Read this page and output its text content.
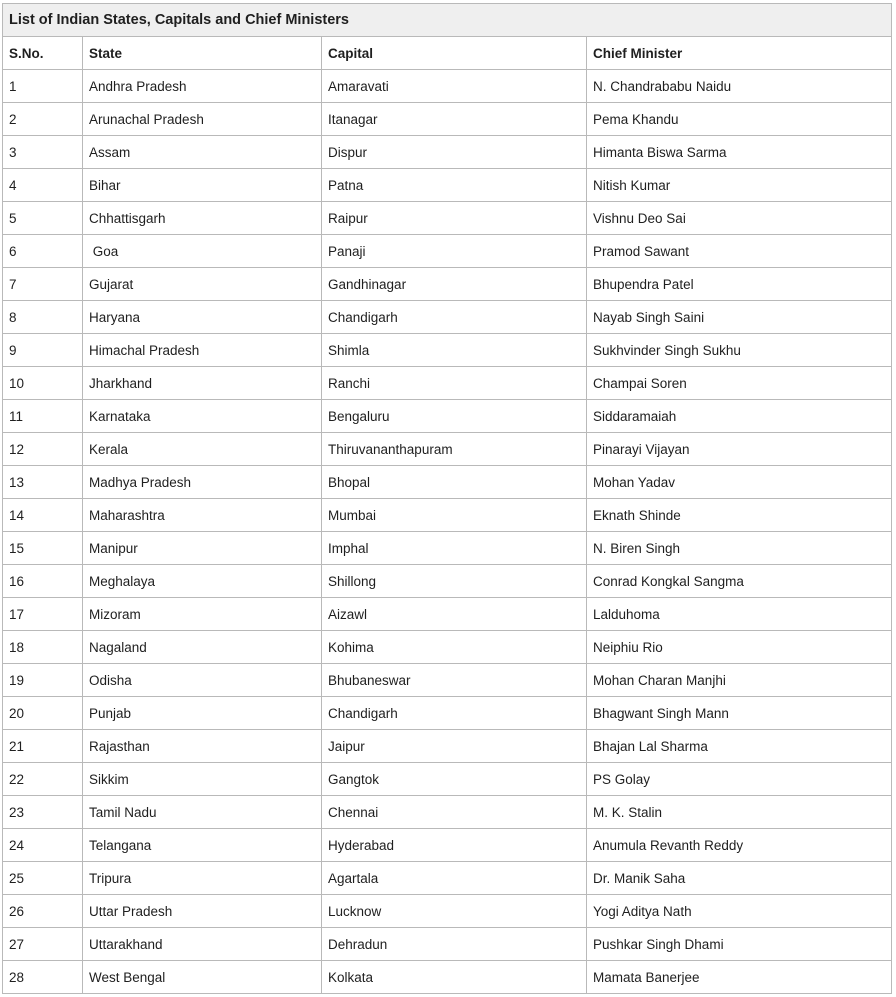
List of Indian States, Capitals and Chief Ministers			
S.No.	State	Capital	Chief Minister
1	Andhra Pradesh	Amaravati	N. Chandrababu Naidu
2	Arunachal Pradesh	Itanagar	Pema Khandu
3	Assam	Dispur	Himanta Biswa Sarma
4	Bihar	Patna	Nitish Kumar
5	Chhattisgarh	Raipur	Vishnu Deo Sai
6	Goa	Panaji	Pramod Sawant
7	Gujarat	Gandhinagar	Bhupendra Patel
8	Haryana	Chandigarh	Nayab Singh Saini
9	Himachal Pradesh	Shimla	Sukhvinder Singh Sukhu
10	Jharkhand	Ranchi	Champai Soren
11	Karnataka	Bengaluru	Siddaramaiah
12	Kerala	Thiruvananthapuram	Pinarayi Vijayan
13	Madhya Pradesh	Bhopal	Mohan Yadav
14	Maharashtra	Mumbai	Eknath Shinde
15	Manipur	Imphal	N. Biren Singh
16	Meghalaya	Shillong	Conrad Kongkal Sangma
17	Mizoram	Aizawl	Lalduhoma
18	Nagaland	Kohima	Neiphiu Rio
19	Odisha	Bhubaneswar	Mohan Charan Manjhi
20	Punjab	Chandigarh	Bhagwant Singh Mann
21	Rajasthan	Jaipur	Bhajan Lal Sharma
22	Sikkim	Gangtok	PS Golay
23	Tamil Nadu	Chennai	M. K. Stalin
24	Telangana	Hyderabad	Anumula Revanth Reddy
25	Tripura	Agartala	Dr. Manik Saha
26	Uttar Pradesh	Lucknow	Yogi Aditya Nath
27	Uttarakhand	Dehradun	Pushkar Singh Dhami
28	West Bengal	Kolkata	Mamata Banerjee
